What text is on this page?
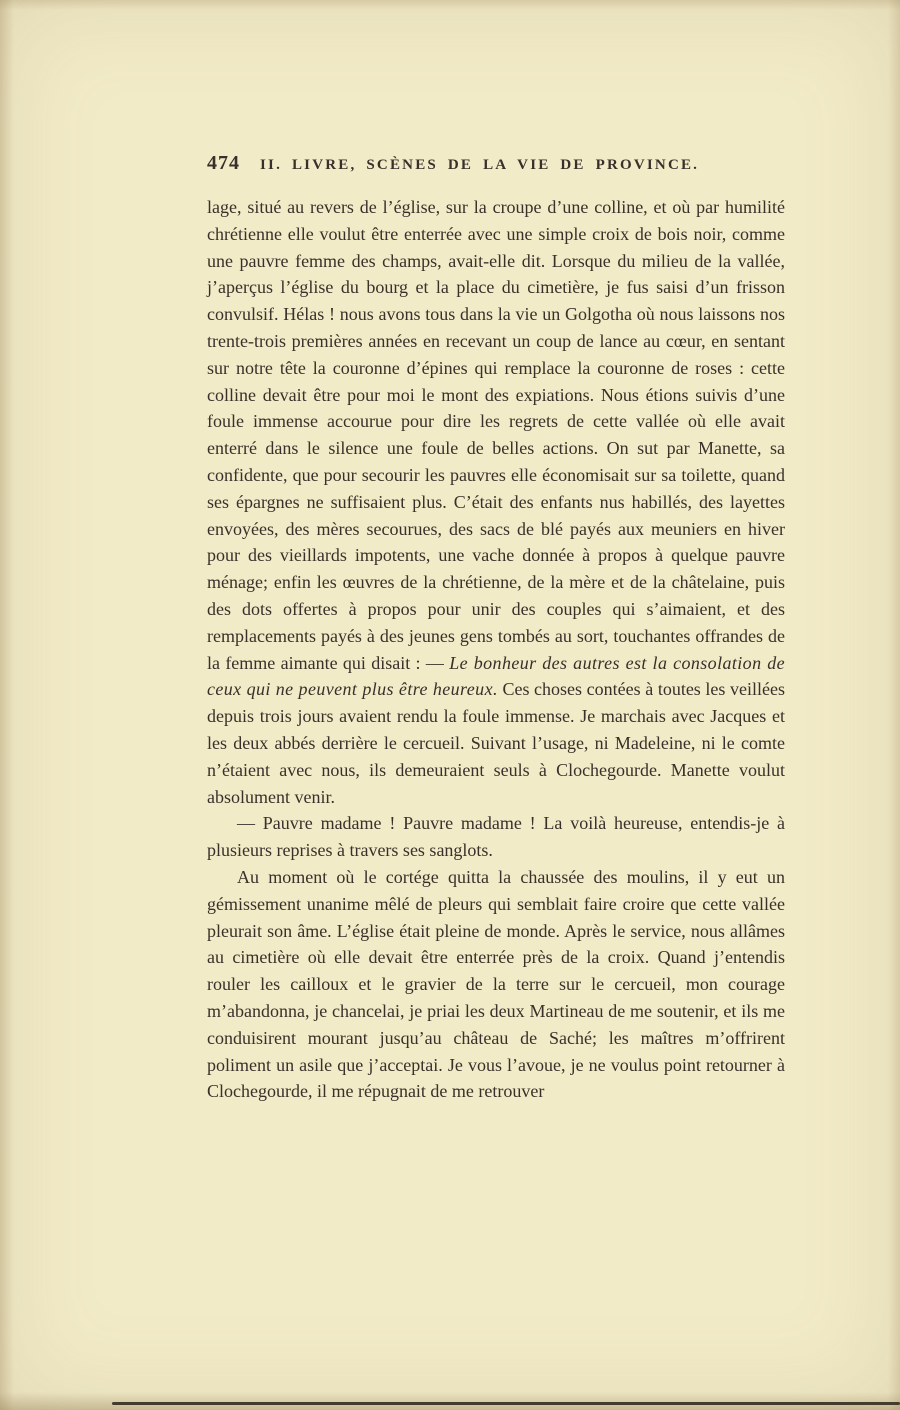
474 II. LIVRE, SCÈNES DE LA VIE DE PROVINCE.

lage, situé au revers de l’église, sur la croupe d’une colline, et où par humilité chrétienne elle voulut être enterrée avec une simple croix de bois noir, comme une pauvre femme des champs, avait-elle dit. Lorsque du milieu de la vallée, j’aperçus l’église du bourg et la place du cimetière, je fus saisi d’un frisson convulsif. Hélas ! nous avons tous dans la vie un Golgotha où nous laissons nos trente-trois premières années en recevant un coup de lance au cœur, en sentant sur notre tête la couronne d’épines qui remplace la couronne de roses : cette colline devait être pour moi le mont des expiations. Nous étions suivis d’une foule immense accourue pour dire les regrets de cette vallée où elle avait enterré dans le silence une foule de belles actions. On sut par Manette, sa confidente, que pour secourir les pauvres elle économisait sur sa toilette, quand ses épargnes ne suffisaient plus. C’était des enfants nus habillés, des layettes envoyées, des mères secourues, des sacs de blé payés aux meuniers en hiver pour des vieillards impotents, une vache donnée à propos à quelque pauvre ménage; enfin les œuvres de la chrétienne, de la mère et de la châtelaine, puis des dots offertes à propos pour unir des couples qui s’aimaient, et des remplacements payés à des jeunes gens tombés au sort, touchantes offrandes de la femme aimante qui disait : — Le bonheur des autres est la consolation de ceux qui ne peuvent plus être heureux. Ces choses contées à toutes les veillées depuis trois jours avaient rendu la foule immense. Je marchais avec Jacques et les deux abbés derrière le cercueil. Suivant l’usage, ni Madeleine, ni le comte n’étaient avec nous, ils demeuraient seuls à Clochegourde. Manette voulut absolument venir.

— Pauvre madame ! Pauvre madame ! La voilà heureuse, entendis-je à plusieurs reprises à travers ses sanglots.

Au moment où le cortége quitta la chaussée des moulins, il y eut un gémissement unanime mêlé de pleurs qui semblait faire croire que cette vallée pleurait son âme. L’église était pleine de monde. Après le service, nous allâmes au cimetière où elle devait être enterrée près de la croix. Quand j’entendis rouler les cailloux et le gravier de la terre sur le cercueil, mon courage m’abandonna, je chancelai, je priai les deux Martineau de me soutenir, et ils me conduisirent mourant jusqu’au château de Saché; les maîtres m’offrirent poliment un asile que j’acceptai. Je vous l’avoue, je ne voulus point retourner à Clochegourde, il me répugnait de me retrouver
